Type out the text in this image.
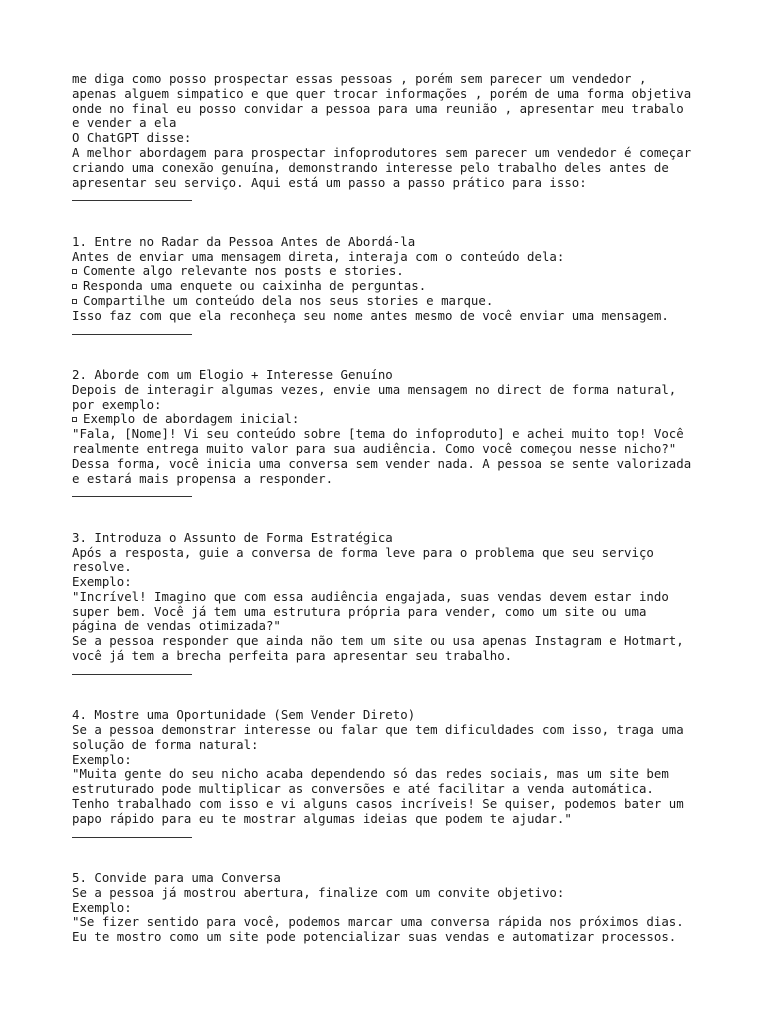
me diga como posso prospectar essas pessoas , porém sem parecer um vendedor ,
apenas alguem simpatico e que quer trocar informações , porém de uma forma objetiva
onde no final eu posso convidar a pessoa para uma reunião , apresentar meu trabalo
e vender a ela
O ChatGPT disse:
A melhor abordagem para prospectar infoprodutores sem parecer um vendedor é começar
criando uma conexão genuína, demonstrando interesse pelo trabalho deles antes de
apresentar seu serviço. Aqui está um passo a passo prático para isso:
1. Entre no Radar da Pessoa Antes de Abordá-la
Antes de enviar uma mensagem direta, interaja com o conteúdo dela:
Comente algo relevante nos posts e stories.
Responda uma enquete ou caixinha de perguntas.
Compartilhe um conteúdo dela nos seus stories e marque.
Isso faz com que ela reconheça seu nome antes mesmo de você enviar uma mensagem.
2. Aborde com um Elogio + Interesse Genuíno
Depois de interagir algumas vezes, envie uma mensagem no direct de forma natural,
por exemplo:
Exemplo de abordagem inicial:
"Fala, [Nome]! Vi seu conteúdo sobre [tema do infoproduto] e achei muito top! Você
realmente entrega muito valor para sua audiência. Como você começou nesse nicho?"
Dessa forma, você inicia uma conversa sem vender nada. A pessoa se sente valorizada
e estará mais propensa a responder.
3. Introduza o Assunto de Forma Estratégica
Após a resposta, guie a conversa de forma leve para o problema que seu serviço
resolve.
Exemplo:
"Incrível! Imagino que com essa audiência engajada, suas vendas devem estar indo
super bem. Você já tem uma estrutura própria para vender, como um site ou uma
página de vendas otimizada?"
Se a pessoa responder que ainda não tem um site ou usa apenas Instagram e Hotmart,
você já tem a brecha perfeita para apresentar seu trabalho.
4. Mostre uma Oportunidade (Sem Vender Direto)
Se a pessoa demonstrar interesse ou falar que tem dificuldades com isso, traga uma
solução de forma natural:
Exemplo:
"Muita gente do seu nicho acaba dependendo só das redes sociais, mas um site bem
estruturado pode multiplicar as conversões e até facilitar a venda automática.
Tenho trabalhado com isso e vi alguns casos incríveis! Se quiser, podemos bater um
papo rápido para eu te mostrar algumas ideias que podem te ajudar."
5. Convide para uma Conversa
Se a pessoa já mostrou abertura, finalize com um convite objetivo:
Exemplo:
"Se fizer sentido para você, podemos marcar uma conversa rápida nos próximos dias.
Eu te mostro como um site pode potencializar suas vendas e automatizar processos.
